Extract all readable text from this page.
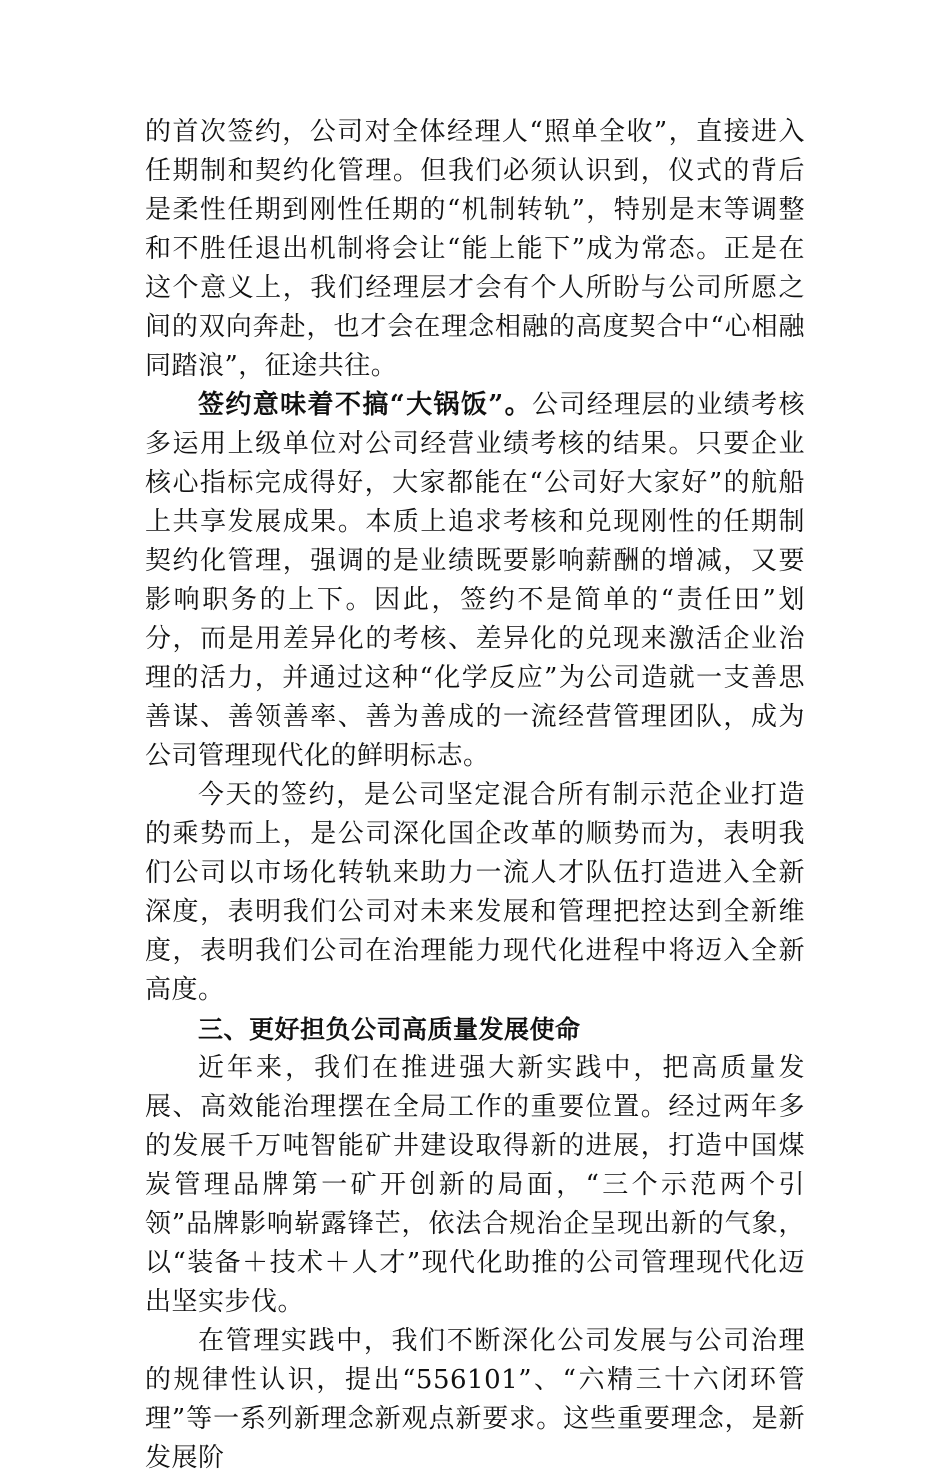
的首次签约，公司对全体经理人“照单全收”，直接进入任期制和契约化管理。但我们必须认识到，仪式的背后是柔性任期到刚性任期的“机制转轨”，特别是末等调整和不胜任退出机制将会让“能上能下”成为常态。正是在这个意义上，我们经理层才会有个人所盼与公司所愿之间的双向奔赴，也才会在理念相融的高度契合中“心相融同踏浪”，征途共往。

签约意味着不搞“大锅饭”。公司经理层的业绩考核多运用上级单位对公司经营业绩考核的结果。只要企业核心指标完成得好，大家都能在“公司好大家好”的航船上共享发展成果。本质上追求考核和兑现刚性的任期制契约化管理，强调的是业绩既要影响薪酬的增减，又要影响职务的上下。因此，签约不是简单的“责任田”划分，而是用差异化的考核、差异化的兑现来激活企业治理的活力，并通过这种“化学反应”为公司造就一支善思善谋、善领善率、善为善成的一流经营管理团队，成为公司管理现代化的鲜明标志。

今天的签约，是公司坚定混合所有制示范企业打造的乘势而上，是公司深化国企改革的顺势而为，表明我们公司以市场化转轨来助力一流人才队伍打造进入全新深度，表明我们公司对未来发展和管理把控达到全新维度，表明我们公司在治理能力现代化进程中将迈入全新高度。

三、更好担负公司高质量发展使命

近年来，我们在推进强大新实践中，把高质量发展、高效能治理摆在全局工作的重要位置。经过两年多的发展千万吨智能矿井建设取得新的进展，打造中国煤炭管理品牌第一矿开创新的局面，“三个示范两个引领”品牌影响崭露锋芒，依法合规治企呈现出新的气象，以“装备＋技术＋人才”现代化助推的公司管理现代化迈出坚实步伐。

在管理实践中，我们不断深化公司发展与公司治理的规律性认识，提出“556101”、“六精三十六闭环管理”等一系列新理念新观点新要求。这些重要理念，是新发展阶
